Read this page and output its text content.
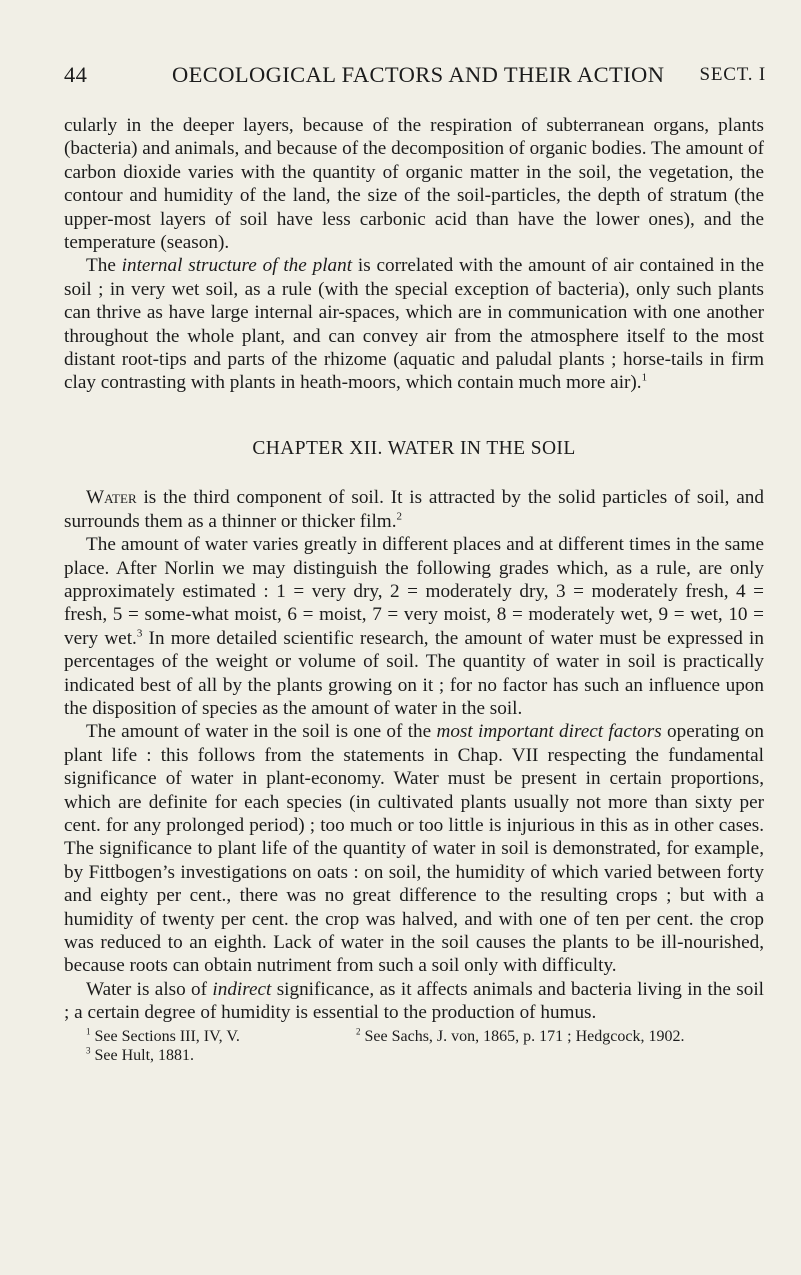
44	OECOLOGICAL FACTORS AND THEIR ACTION SECT. I

cularly in the deeper layers, because of the respiration of subterranean organs, plants (bacteria) and animals, and because of the decomposition of organic bodies. The amount of carbon dioxide varies with the quantity of organic matter in the soil, the vegetation, the contour and humidity of the land, the size of the soil-particles, the depth of stratum (the upper-most layers of soil have less carbonic acid than have the lower ones), and the temperature (season).

The internal structure of the plant is correlated with the amount of air contained in the soil ; in very wet soil, as a rule (with the special exception of bacteria), only such plants can thrive as have large internal air-spaces, which are in communication with one another throughout the whole plant, and can convey air from the atmosphere itself to the most distant root-tips and parts of the rhizome (aquatic and paludal plants ; horse-tails in firm clay contrasting with plants in heath-moors, which contain much more air).$^1$

CHAPTER XII. WATER IN THE SOIL

Water is the third component of soil. It is attracted by the solid particles of soil, and surrounds them as a thinner or thicker film.$^2$

The amount of water varies greatly in different places and at different times in the same place. After Norlin we may distinguish the following grades which, as a rule, are only approximately estimated : 1 = very dry, 2 = moderately dry, 3 = moderately fresh, 4 = fresh, 5 = some-what moist, 6 = moist, 7 = very moist, 8 = moderately wet, 9 = wet, 10 = very wet.$^3$ In more detailed scientific research, the amount of water must be expressed in percentages of the weight or volume of soil. The quantity of water in soil is practically indicated best of all by the plants growing on it ; for no factor has such an influence upon the disposition of species as the amount of water in the soil.

The amount of water in the soil is one of the most important direct factors operating on plant life : this follows from the statements in Chap. VII respecting the fundamental significance of water in plant-economy. Water must be present in certain proportions, which are definite for each species (in cultivated plants usually not more than sixty per cent. for any prolonged period) ; too much or too little is injurious in this as in other cases. The significance to plant life of the quantity of water in soil is demonstrated, for example, by Fittbogen’s investigations on oats : on soil, the humidity of which varied between forty and eighty per cent., there was no great difference to the resulting crops ; but with a humidity of twenty per cent. the crop was halved, and with one of ten per cent. the crop was reduced to an eighth. Lack of water in the soil causes the plants to be ill-nourished, because roots can obtain nutriment from such a soil only with difficulty.

Water is also of indirect significance, as it affects animals and bacteria living in the soil ; a certain degree of humidity is essential to the production of humus.

$^1$ See Sections III, IV, V.	$^2$ See Sachs, J. von, 1865, p. 171 ; Hedgcock, 1902.
$^3$ See Hult, 1881.
